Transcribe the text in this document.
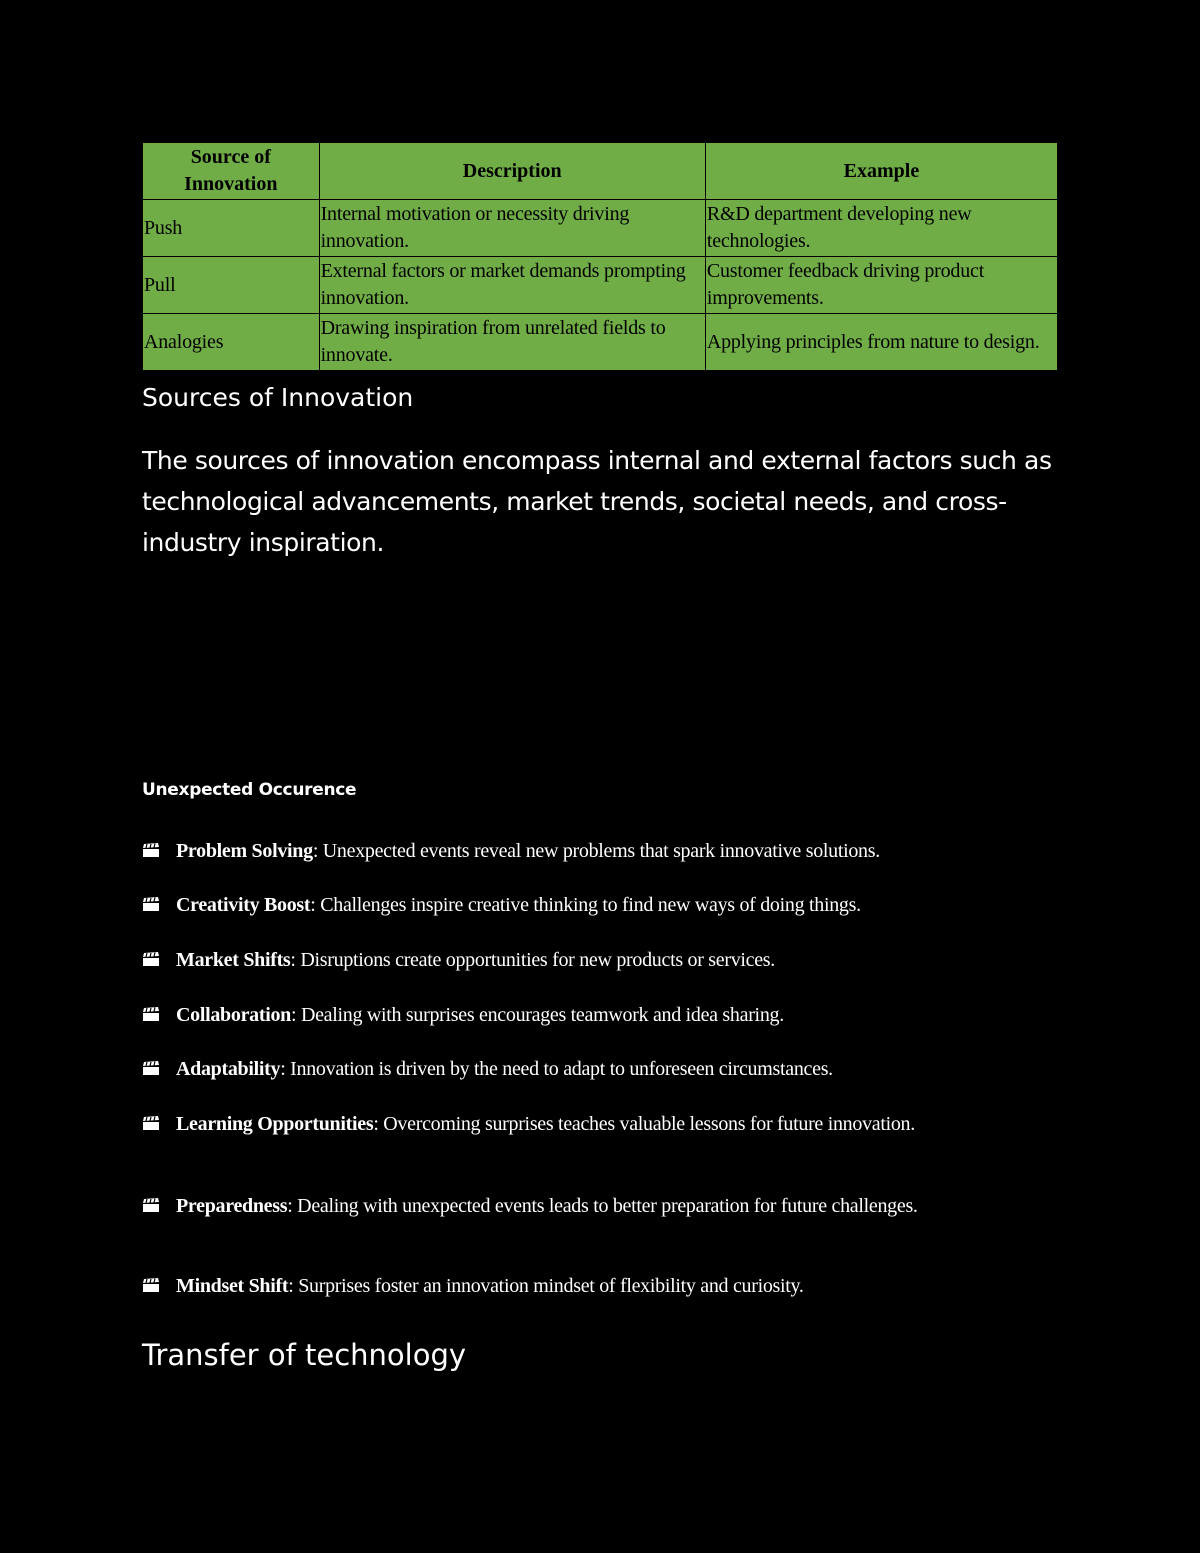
Source of Innovation	Description	Example
Push	Internal motivation or necessity driving innovation.	R&D department developing new technologies.
Pull	External factors or market demands prompting innovation.	Customer feedback driving product improvements.
Analogies	Drawing inspiration from unrelated fields to innovate.	Applying principles from nature to design.
Sources of Innovation

The sources of innovation encompass internal and external factors such as technological advancements, market trends, societal needs, and cross-industry inspiration.

Unexpected Occurence
Problem Solving: Unexpected events reveal new problems that spark innovative solutions.
Creativity Boost: Challenges inspire creative thinking to find new ways of doing things.
Market Shifts: Disruptions create opportunities for new products or services.
Collaboration: Dealing with surprises encourages teamwork and idea sharing.
Adaptability: Innovation is driven by the need to adapt to unforeseen circumstances.
Learning Opportunities: Overcoming surprises teaches valuable lessons for future innovation.
Preparedness: Dealing with unexpected events leads to better preparation for future challenges.
Mindset Shift: Surprises foster an innovation mindset of flexibility and curiosity.
Transfer of technology
